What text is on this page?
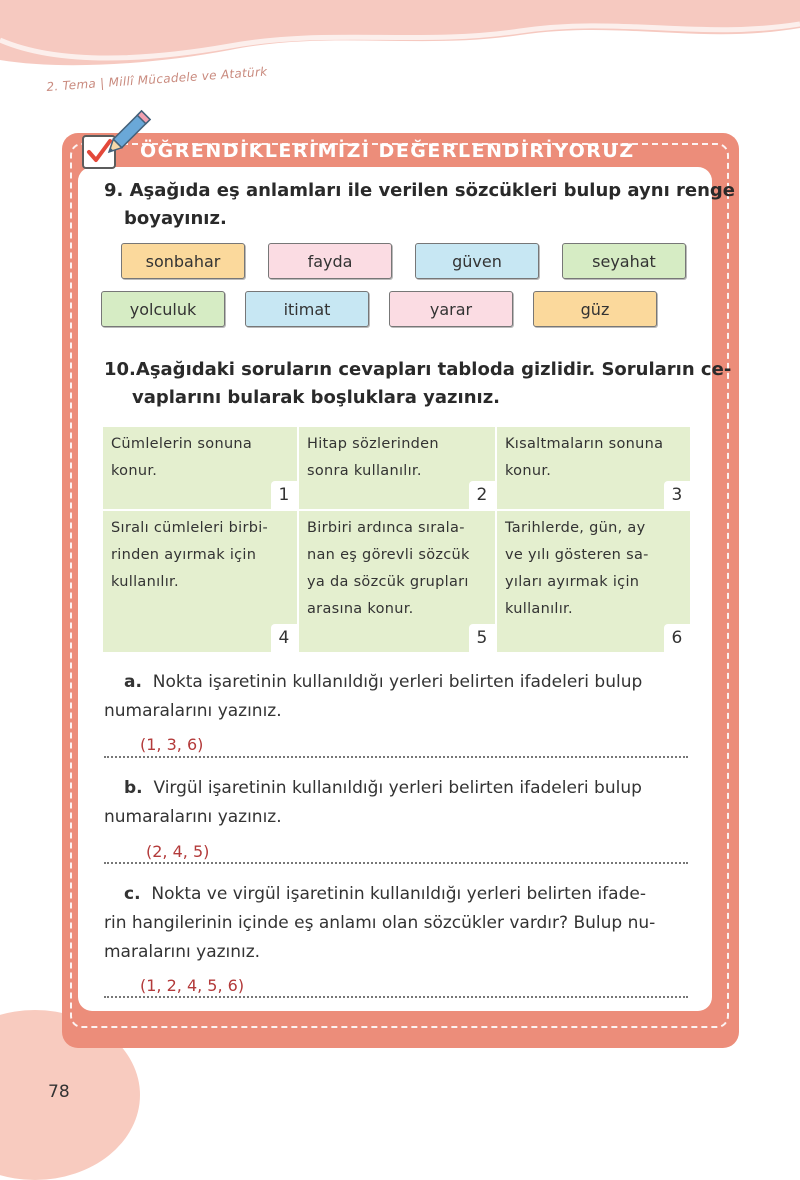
2. Tema | Millî Mücadele ve Atatürk
78
ÖĞRENDİKLERİMİZİ DEĞERLENDİRİYORUZ
9. Aşağıda eş anlamları ile verilen sözcükleri bulup aynı renge
boyayınız.
sonbahar	fayda	güven	seyahat
yolculuk	itimat	yarar	güz
10.Aşağıdaki soruların cevapları tabloda gizlidir. Soruların ce-
vaplarını bularak boşluklara yazınız.
Cümlelerin sonuna
konur.
1
Hitap sözlerinden
sonra kullanılır.
2
Kısaltmaların sonuna
konur.
3
Sıralı cümleleri birbi-
rinden ayırmak için
kullanılır.
4
Birbiri ardınca sırala-
nan eş görevli sözcük
ya da sözcük grupları
arasına konur.
5
Tarihlerde, gün, ay
ve yılı gösteren sa-
yıları ayırmak için
kullanılır.
6
a. Nokta işaretinin kullanıldığı yerleri belirten ifadeleri bulup
numaralarını yazınız.
(1, 3, 6)
b. Virgül işaretinin kullanıldığı yerleri belirten ifadeleri bulup
numaralarını yazınız.
(2, 4, 5)
c. Nokta ve virgül işaretinin kullanıldığı yerleri belirten ifade-
rin hangilerinin içinde eş anlamı olan sözcükler vardır? Bulup nu-
maralarını yazınız.
(1, 2, 4, 5, 6)
